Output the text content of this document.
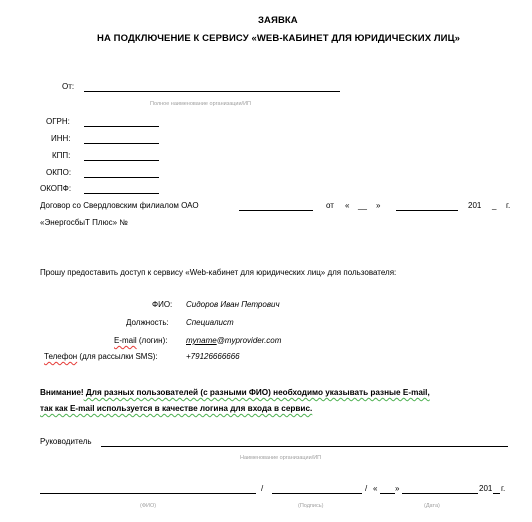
ЗАЯВКА
НА ПОДКЛЮЧЕНИЕ К СЕРВИСУ «WEB-КАБИНЕТ ДЛЯ ЮРИДИЧЕСКИХ ЛИЦ»
От:
Полное наименование организации/ИП
ОГРН:
ИНН:
КПП:
ОКПО:
ОКОПФ:
Договор со Свердловским филиалом ОАО
«ЭнергосбыТ Плюс» №
от « __ »	201 _ г.
Прошу предоставить доступ к сервису «Web-кабинет для юридических лиц» для пользователя:
ФИО: Сидоров Иван Петрович
Должность: Специалист
E-mail (логин): myname@myprovider.com
Телефон (для рассылки SMS):	+79126666666
Внимание! Для разных пользователей (с разными ФИО) необходимо указывать разные E-mail,
так как E-mail используется в качестве логина для входа в сервис.
Руководитель
Наименование организации/ИП
/	/ « »	201 г.
(ФИО)	(Подпись)	(Дата)
